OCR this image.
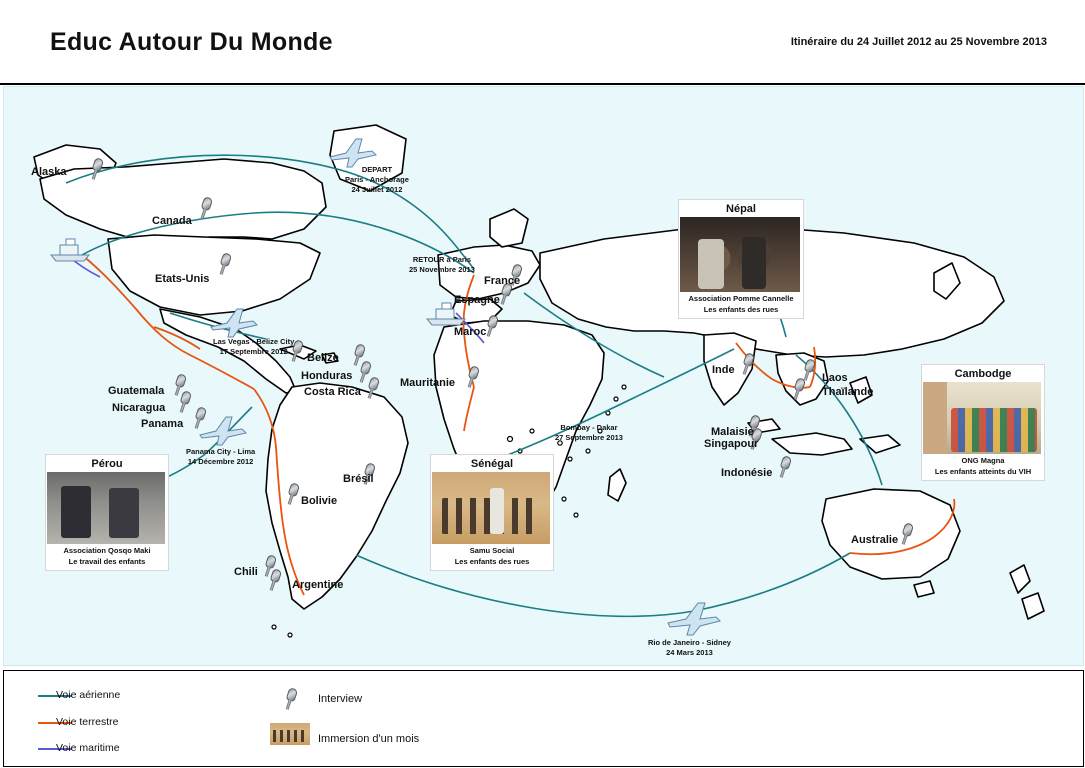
Educ Autour Du Monde	Itinéraire du 24 Juillet 2012 au 25 Novembre 2013
Alaska
Canada
Etats-Unis
Belize
Honduras
Costa Rica
Guatemala
Nicaragua
Panama
Bolivie
Brésil
Chili
Argentine
France
Espagne
Maroc
Mauritanie
Inde
Laos
Thaïlande
Malaisie
Singapour
Indonésie
Australie
DEPART
Paris - Anchorage
24 Juillet 2012
RETOUR à Paris
25 Novembre 2013
Las Vegas - Belize City
17 Septembre 2012
Panama City - Lima
14 Décembre 2012
Bombay - Dakar
27 Septembre 2013
Rio de Janeiro - Sidney
24 Mars 2013
Népal
Association Pomme Cannelle
Les enfants des rues
Cambodge
ONG Magna
Les enfants atteints du VIH
Pérou
Association Qosqo Maki
Le travail des enfants
Sénégal
Samu Social
Les enfants des rues
Voie aérienne
Voie terrestre
Voie maritime
Interview
Immersion d'un mois
